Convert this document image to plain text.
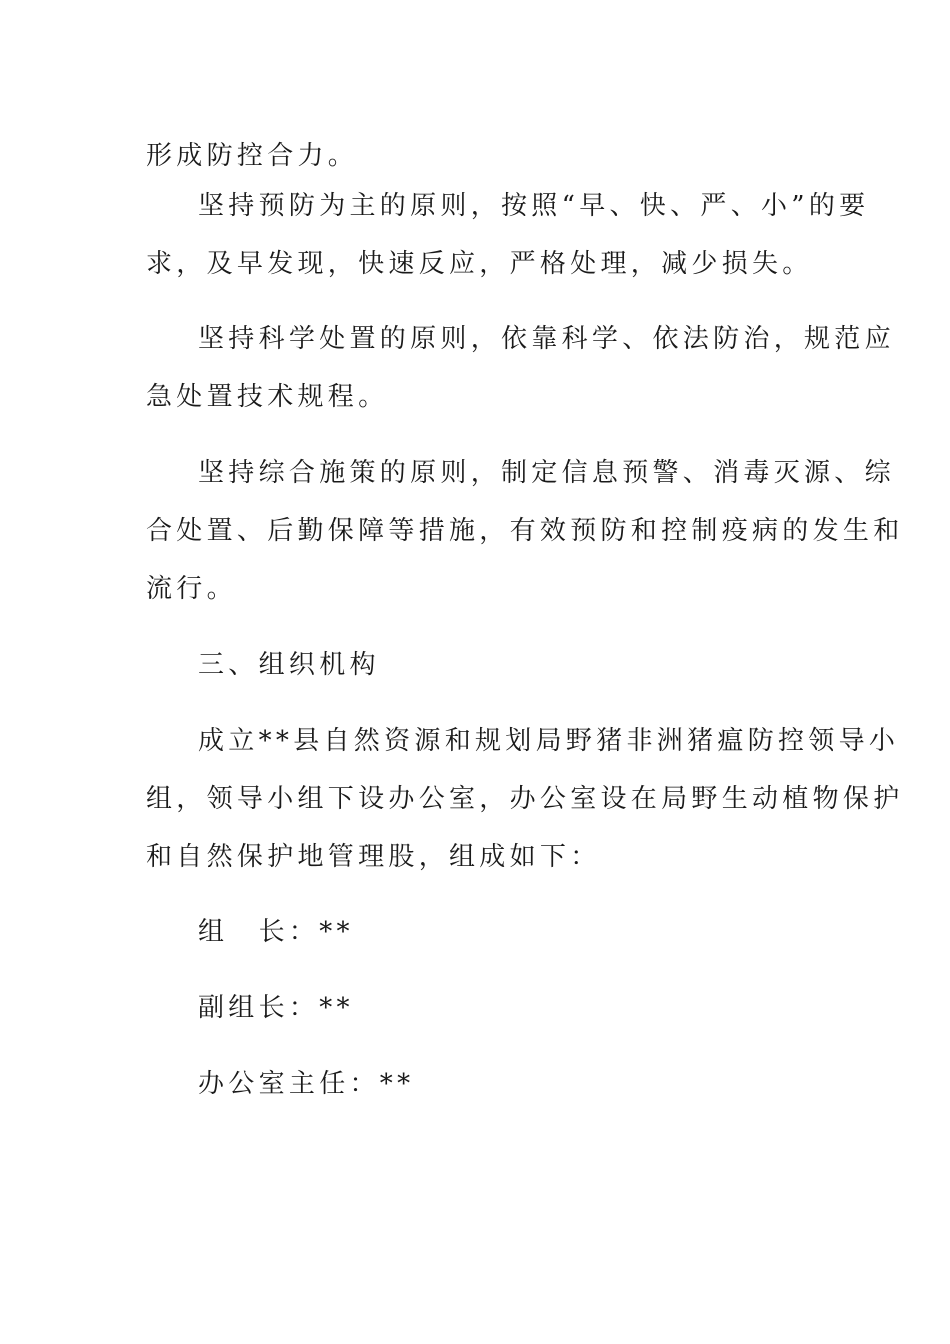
形成防控合力。

坚持预防为主的原则，按照“早、快、严、小”的要
求，及早发现，快速反应，严格处理，减少损失。

坚持科学处置的原则，依靠科学、依法防治，规范应
急处置技术规程。

坚持综合施策的原则，制定信息预警、消毒灭源、综
合处置、后勤保障等措施，有效预防和控制疫病的发生和
流行。

三、组织机构

成立**县自然资源和规划局野猪非洲猪瘟防控领导小
组，领导小组下设办公室，办公室设在局野生动植物保护
和自然保护地管理股，组成如下：

组　长：**

副组长：**

办公室主任：**
